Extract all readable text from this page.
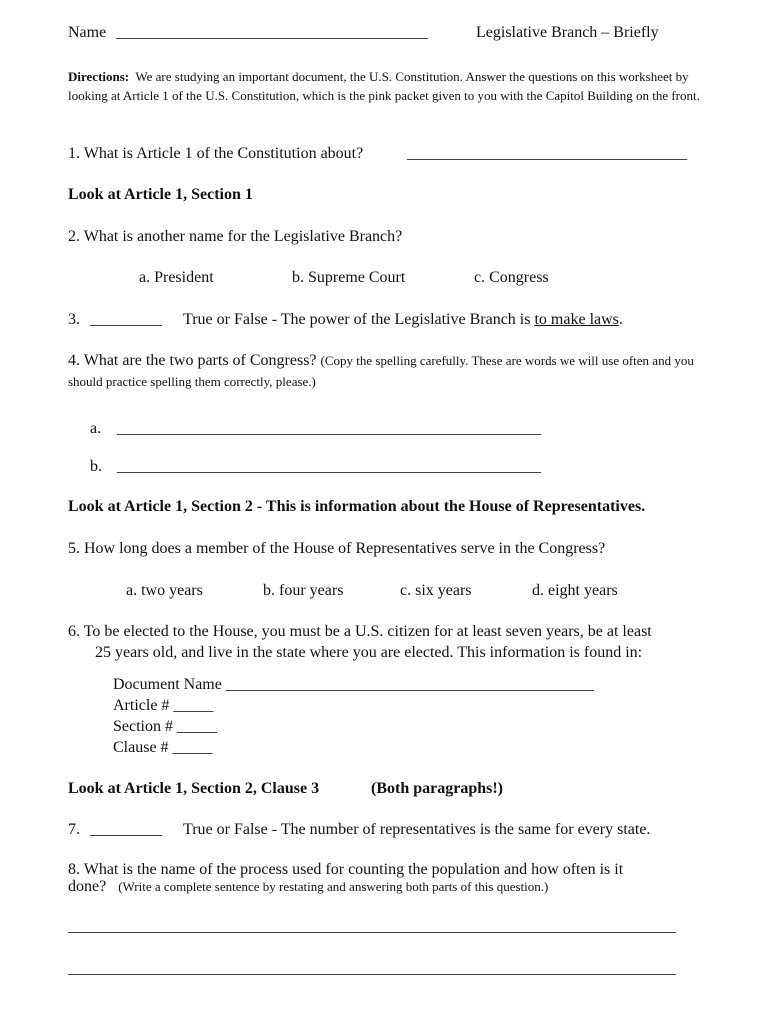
Name _______________________________________	Legislative Branch – Briefly
Directions: We are studying an important document, the U.S. Constitution. Answer the questions on this worksheet by looking at Article 1 of the U.S. Constitution, which is the pink packet given to you with the Capitol Building on the front.
1. What is Article 1 of the Constitution about?	___________________________________
Look at Article 1, Section 1
2. What is another name for the Legislative Branch?
a. President	b. Supreme Court	c. Congress
3. _________ True or False - The power of the Legislative Branch is to make laws.
4. What are the two parts of Congress? (Copy the spelling carefully. These are words we will use often and you should practice spelling them correctly, please.)
a. _____________________________________________________
b. _____________________________________________________
Look at Article 1, Section 2 - This is information about the House of Representatives.
5. How long does a member of the House of Representatives serve in the Congress?
a. two years	b. four years	c. six years	d. eight years
6. To be elected to the House, you must be a U.S. citizen for at least seven years, be at least
25 years old, and live in the state where you are elected. This information is found in:
Document Name ______________________________________________
Article # _____
Section # _____
Clause # _____
Look at Article 1, Section 2, Clause 3	(Both paragraphs!)
7. _________ True or False - The number of representatives is the same for every state.
8. What is the name of the process used for counting the population and how often is it
done? (Write a complete sentence by restating and answering both parts of this question.)
____________________________________________________________________________
____________________________________________________________________________
